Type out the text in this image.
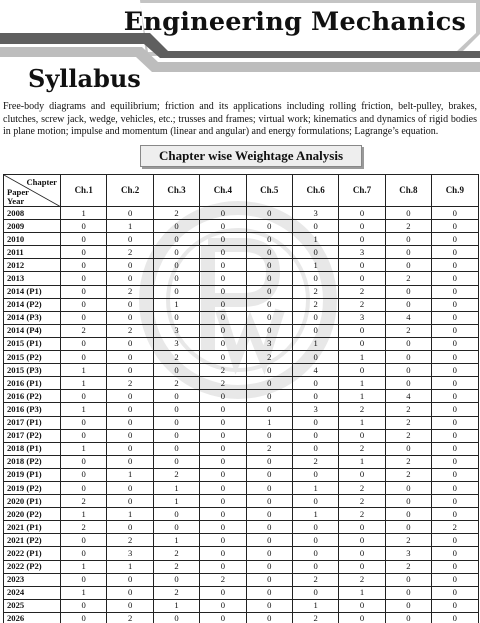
Engineering Mechanics
Syllabus

Free-body diagrams and equilibrium; friction and its applications including rolling friction, belt-pulley, brakes, clutches, screw jack, wedge, vehicles, etc.; trusses and frames; virtual work; kinematics and dynamics of rigid bodies in plane motion; impulse and momentum (linear and angular) and energy formulations; Lagrange’s equation.

Chapter wise Weightage Analysis
Chapter
Paper
Year	Ch.1	Ch.2	Ch.3	Ch.4	Ch.5	Ch.6	Ch.7	Ch.8	Ch.9
2008	1	0	2	0	0	3	0	0	0
2009	0	1	0	0	0	0	0	2	0
2010	0	0	0	0	0	1	0	0	0
2011	0	2	0	0	0	0	3	0	0
2012	0	0	0	0	0	1	0	0	0
2013	0	0	0	0	0	0	0	2	0
2014 (P1)	0	2	0	0	0	2	2	0	0
2014 (P2)	0	0	1	0	0	2	2	0	0
2014 (P3)	0	0	0	0	0	0	3	4	0
2014 (P4)	2	2	3	0	0	0	0	2	0
2015 (P1)	0	0	3	0	3	1	0	0	0
2015 (P2)	0	0	2	0	2	0	1	0	0
2015 (P3)	1	0	0	2	0	4	0	0	0
2016 (P1)	1	2	2	2	0	0	1	0	0
2016 (P2)	0	0	0	0	0	0	1	4	0
2016 (P3)	1	0	0	0	0	3	2	2	0
2017 (P1)	0	0	0	0	1	0	1	2	0
2017 (P2)	0	0	0	0	0	0	0	2	0
2018 (P1)	1	0	0	0	2	0	2	0	0
2018 (P2)	0	0	0	0	0	2	1	2	0
2019 (P1)	0	1	2	0	0	0	0	2	0
2019 (P2)	0	0	1	0	0	1	2	0	0
2020 (P1)	2	0	1	0	0	0	2	0	0
2020 (P2)	1	1	0	0	0	1	2	0	0
2021 (P1)	2	0	0	0	0	0	0	0	2
2021 (P2)	0	2	1	0	0	0	0	2	0
2022 (P1)	0	3	2	0	0	0	0	3	0
2022 (P2)	1	1	2	0	0	0	0	2	0
2023	0	0	0	2	0	2	2	0	0
2024	1	0	2	0	0	0	1	0	0
2025	0	0	1	0	0	1	0	0	0
2026	0	2	0	0	0	2	0	0	0
